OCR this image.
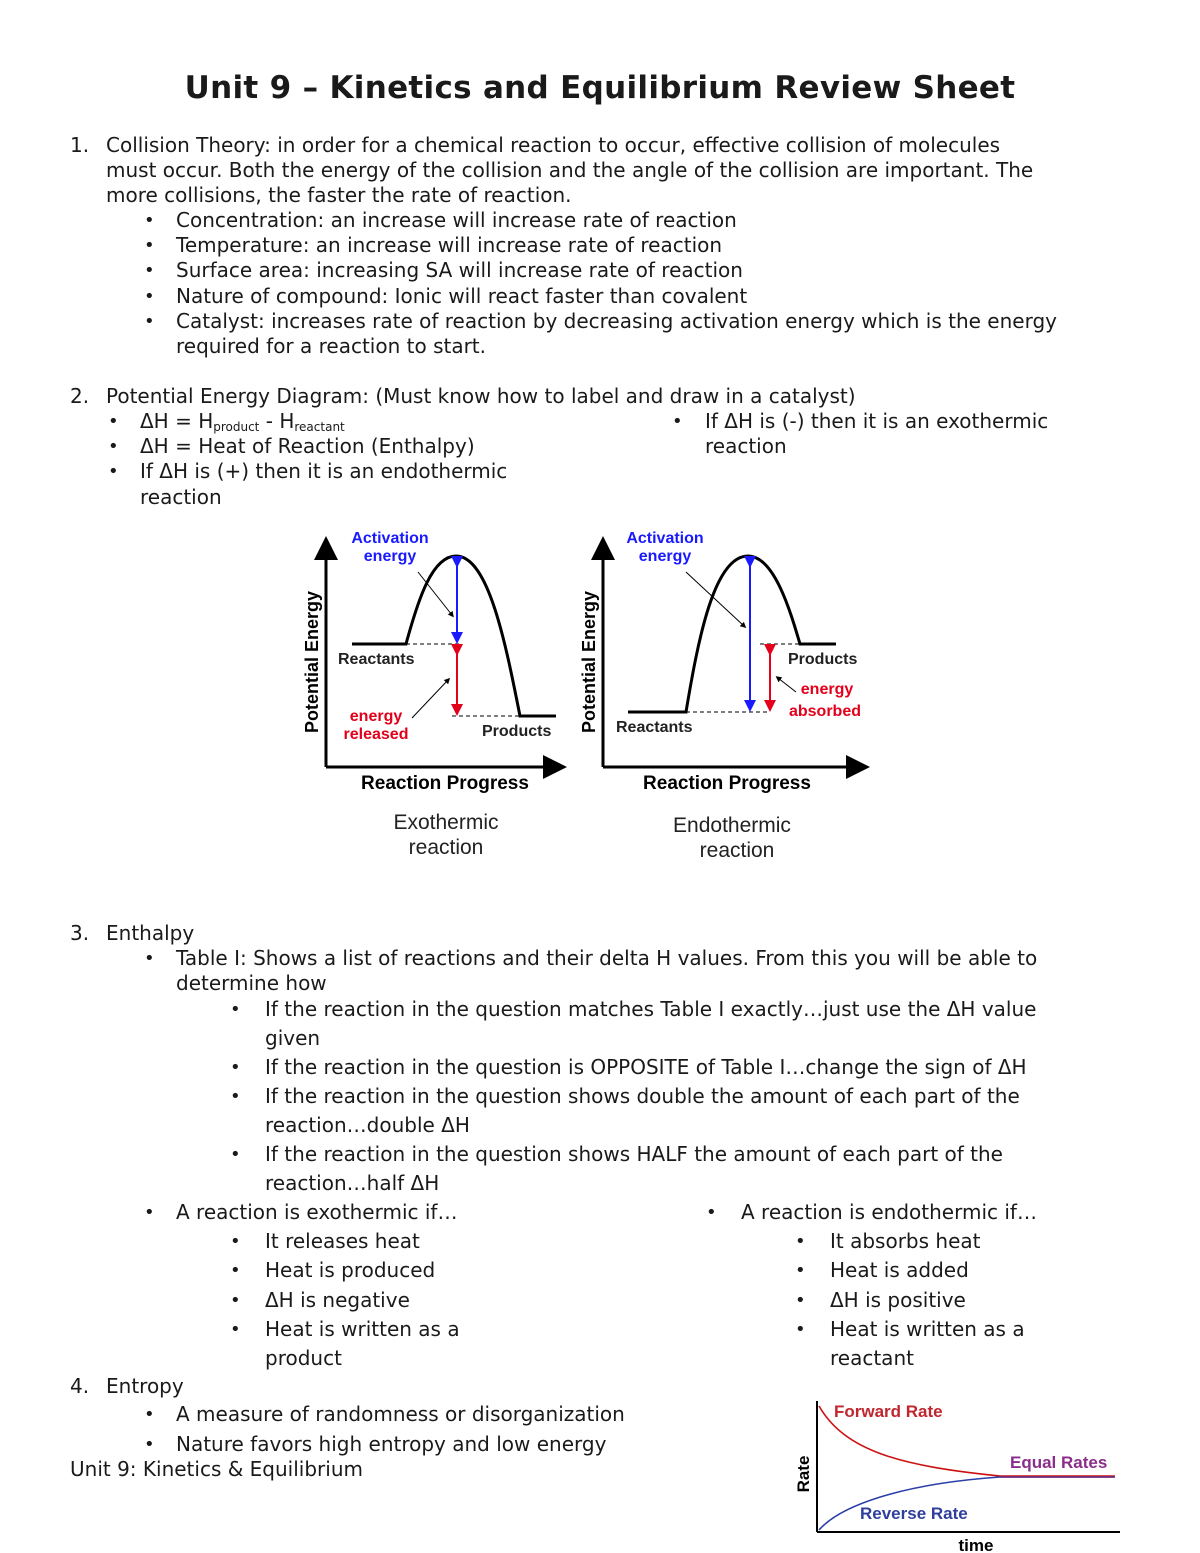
Unit 9 – Kinetics and Equilibrium Review Sheet
1. Collision Theory: in order for a chemical reaction to occur, effective collision of molecules
must occur. Both the energy of the collision and the angle of the collision are important. The
more collisions, the faster the rate of reaction.
• Concentration: an increase will increase rate of reaction
• Temperature: an increase will increase rate of reaction
• Surface area: increasing SA will increase rate of reaction
• Nature of compound: Ionic will react faster than covalent
• Catalyst: increases rate of reaction by decreasing activation energy which is the energy
required for a reaction to start.
2. Potential Energy Diagram: (Must know how to label and draw in a catalyst)
• $\Delta H = H_{product} - H_{reactant}$
• ΔH = Heat of Reaction (Enthalpy)
• If ΔH is (+) then it is an endothermic
reaction
• If ΔH is (-) then it is an exothermic
reaction
Potential Energy
Reaction Progress
Activation
energy
Reactants
Products
energy
released
Exothermic
reaction
Potential Energy
Reaction Progress
Activation
energy
Reactants
Products
energy
absorbed
Endothermic
reaction
3. Enthalpy
• Table I: Shows a list of reactions and their delta H values. From this you will be able to
determine how
• If the reaction in the question matches Table I exactly…just use the ΔH value
given
• If the reaction in the question is OPPOSITE of Table I…change the sign of ΔH
• If the reaction in the question shows double the amount of each part of the
reaction…double ΔH
• If the reaction in the question shows HALF the amount of each part of the
reaction…half ΔH
• A reaction is exothermic if…
• It releases heat
• Heat is produced
• ΔH is negative
• Heat is written as a
product
• A reaction is endothermic if…
• It absorbs heat
• Heat is added
• ΔH is positive
• Heat is written as a
reactant
4. Entropy
• A measure of randomness or disorganization
• Nature favors high entropy and low energy
Unit 9: Kinetics & Equilibrium
Forward Rate
Equal Rates
Reverse Rate
Rate
time
